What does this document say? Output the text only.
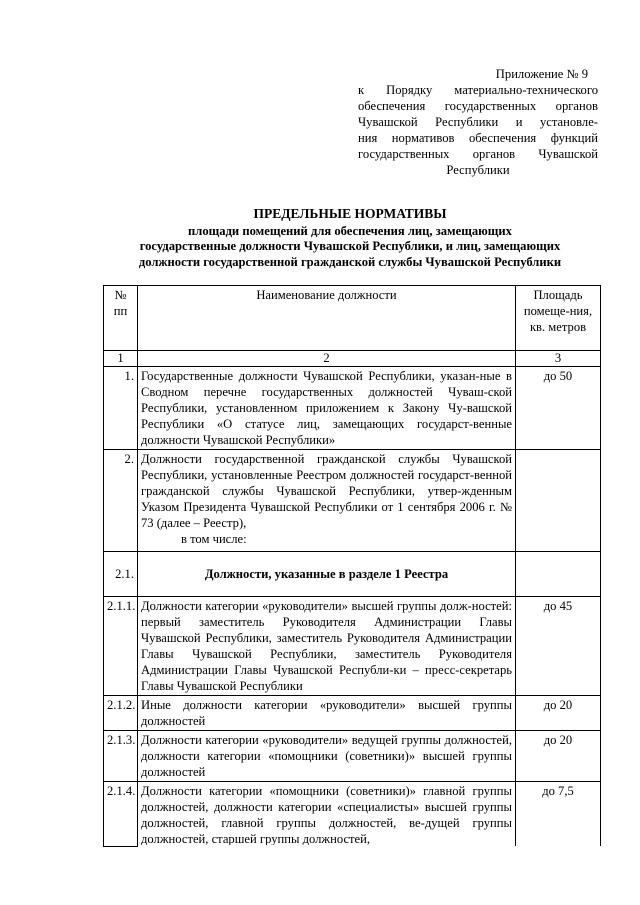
Приложение № 9
к Порядку материально-технического
обеспечения государственных органов
Чувашской Республики и установле-
ния нормативов обеспечения функций
государственных органов Чувашской
Республики
ПРЕДЕЛЬНЫЕ НОРМАТИВЫ
площади помещений для обеспечения лиц, замещающих
государственные должности Чувашской Республики, и лиц, замещающих
должности государственной гражданской службы Чувашской Республики
№ пп	Наименование должности	Площадь помеще-ния, кв. метров
1	2	3
1.	Государственные должности Чувашской Республики, указан-ные в Сводном перечне государственных должностей Чуваш-ской Республики, установленном приложением к Закону Чу-вашской Республики «О статусе лиц, замещающих государст-венные должности Чувашской Республики»	до 50
2.	Должности государственной гражданской службы Чувашской Республики, установленные Реестром должностей государст-венной гражданской службы Чувашской Республики, утвер-жденным Указом Президента Чувашской Республики от 1 сентября 2006 г. № 73 (далее – Реестр),
в том числе:	

2.1.	Должности, указанные в разделе 1 Реестра	
2.1.1.	Должности категории «руководители» высшей группы долж-ностей: первый заместитель Руководителя Администрации Главы Чувашской Республики, заместитель Руководителя Администрации Главы Чувашской Республики, заместитель Руководителя Администрации Главы Чувашской Республи-ки – пресс-секретарь Главы Чувашской Республики	до 45
2.1.2.	Иные должности категории «руководители» высшей группы должностей	до 20
2.1.3.	Должности категории «руководители» ведущей группы должностей, должности категории «помощники (советники)» высшей группы должностей	до 20
2.1.4.	Должности категории «помощники (советники)» главной группы должностей, должности категории «специалисты» высшей группы должностей, главной группы должностей, ве-дущей группы должностей, старшей группы должностей,	до 7,5
